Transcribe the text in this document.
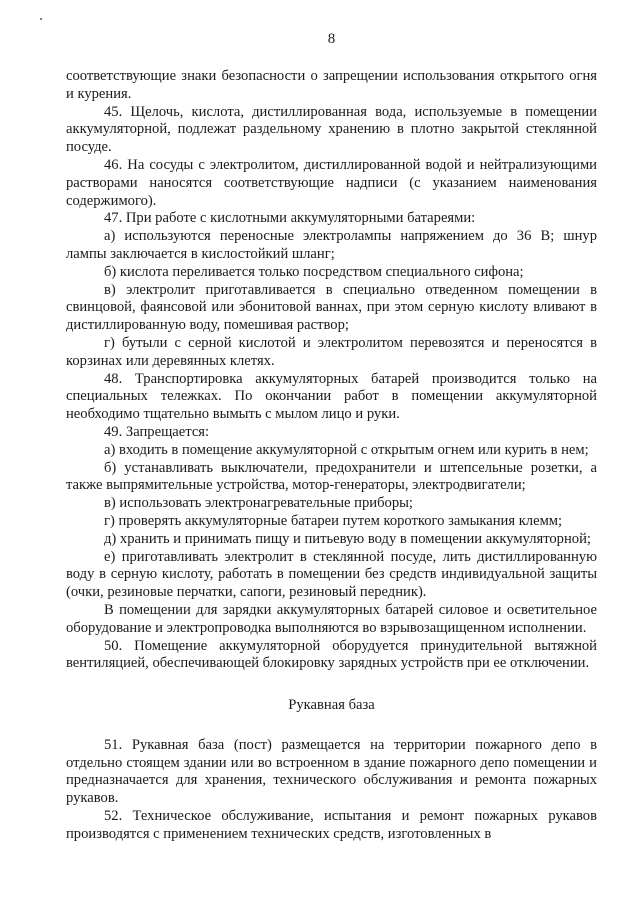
8

соответствующие знаки безопасности о запрещении использования открытого огня и курения.

45. Щелочь, кислота, дистиллированная вода, используемые в помещении аккумуляторной, подлежат раздельному хранению в плотно закрытой стеклянной посуде.

46. На сосуды с электролитом, дистиллированной водой и нейтрализующими растворами наносятся соответствующие надписи (с указанием наименования содержимого).

47. При работе с кислотными аккумуляторными батареями:

а) используются переносные электролампы напряжением до 36 В; шнур лампы заключается в кислостойкий шланг;

б) кислота переливается только посредством специального сифона;

в) электролит приготавливается в специально отведенном помещении в свинцовой, фаянсовой или эбонитовой ваннах, при этом серную кислоту вливают в дистиллированную воду, помешивая раствор;

г) бутыли с серной кислотой и электролитом перевозятся и переносятся в корзинах или деревянных клетях.

48. Транспортировка аккумуляторных батарей производится только на специальных тележках. По окончании работ в помещении аккумуляторной необходимо тщательно вымыть с мылом лицо и руки.

49. Запрещается:

а) входить в помещение аккумуляторной с открытым огнем или курить в нем;

б) устанавливать выключатели, предохранители и штепсельные розетки, а также выпрямительные устройства, мотор-генераторы, электродвигатели;

в) использовать электронагревательные приборы;

г) проверять аккумуляторные батареи путем короткого замыкания клемм;

д) хранить и принимать пищу и питьевую воду в помещении аккумуляторной;

е) приготавливать электролит в стеклянной посуде, лить дистиллированную воду в серную кислоту, работать в помещении без средств индивидуальной защиты (очки, резиновые перчатки, сапоги, резиновый передник).

В помещении для зарядки аккумуляторных батарей силовое и осветительное оборудование и электропроводка выполняются во взрывозащищенном исполнении.

50. Помещение аккумуляторной оборудуется принудительной вытяжной вентиляцией, обеспечивающей блокировку зарядных устройств при ее отключении.

Рукавная база

51. Рукавная база (пост) размещается на территории пожарного депо в отдельно стоящем здании или во встроенном в здание пожарного депо помещении и предназначается для хранения, технического обслуживания и ремонта пожарных рукавов.

52. Техническое обслуживание, испытания и ремонт пожарных рукавов производятся с применением технических средств, изготовленных в
